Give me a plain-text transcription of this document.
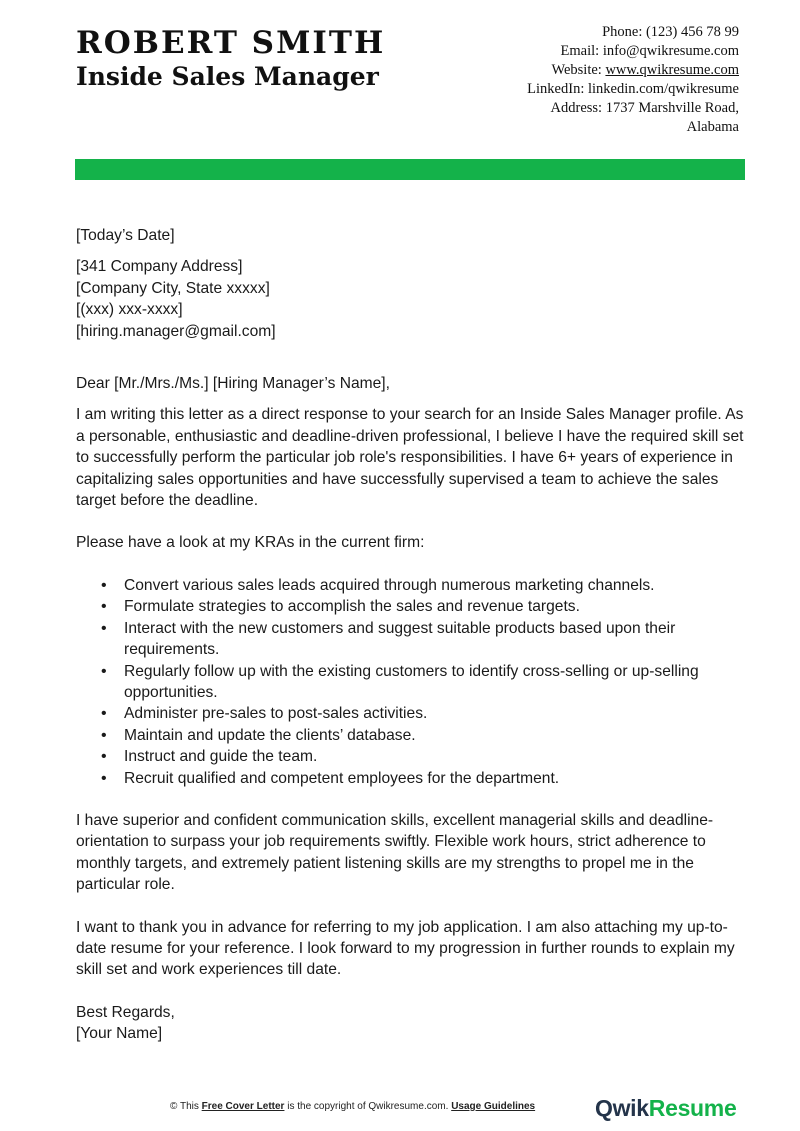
ROBERT SMITH
Inside Sales Manager
Phone: (123) 456 78 99
Email: info@qwikresume.com
Website: www.qwikresume.com
LinkedIn: linkedin.com/qwikresume
Address: 1737 Marshville Road,
Alabama

[Today’s Date]

[341 Company Address]

[Company City, State xxxxx]

[(xxx) xxx-xxxx]

[hiring.manager@gmail.com]

Dear [Mr./Mrs./Ms.] [Hiring Manager’s Name],

I am writing this letter as a direct response to your search for an Inside Sales Manager profile. As a personable, enthusiastic and deadline-driven professional, I believe I have the required skill set to successfully perform the particular job role's responsibilities. I have 6+ years of experience in capitalizing sales opportunities and have successfully supervised a team to achieve the sales target before the deadline.

Please have a look at my KRAs in the current firm:

• Convert various sales leads acquired through numerous marketing channels.
• Formulate strategies to accomplish the sales and revenue targets.
• Interact with the new customers and suggest suitable products based upon their requirements.
• Regularly follow up with the existing customers to identify cross-selling or up-selling opportunities.
• Administer pre-sales to post-sales activities.
• Maintain and update the clients’ database.
• Instruct and guide the team.
• Recruit qualified and competent employees for the department.

I have superior and confident communication skills, excellent managerial skills and deadline-orientation to surpass your job requirements swiftly. Flexible work hours, strict adherence to monthly targets, and extremely patient listening skills are my strengths to propel me in the particular role.

I want to thank you in advance for referring to my job application. I am also attaching my up-to-date resume for your reference. I look forward to my progression in further rounds to explain my skill set and work experiences till date.

Best Regards,

[Your Name]

© This Free Cover Letter is the copyright of Qwikresume.com. Usage Guidelines	QwikResume
